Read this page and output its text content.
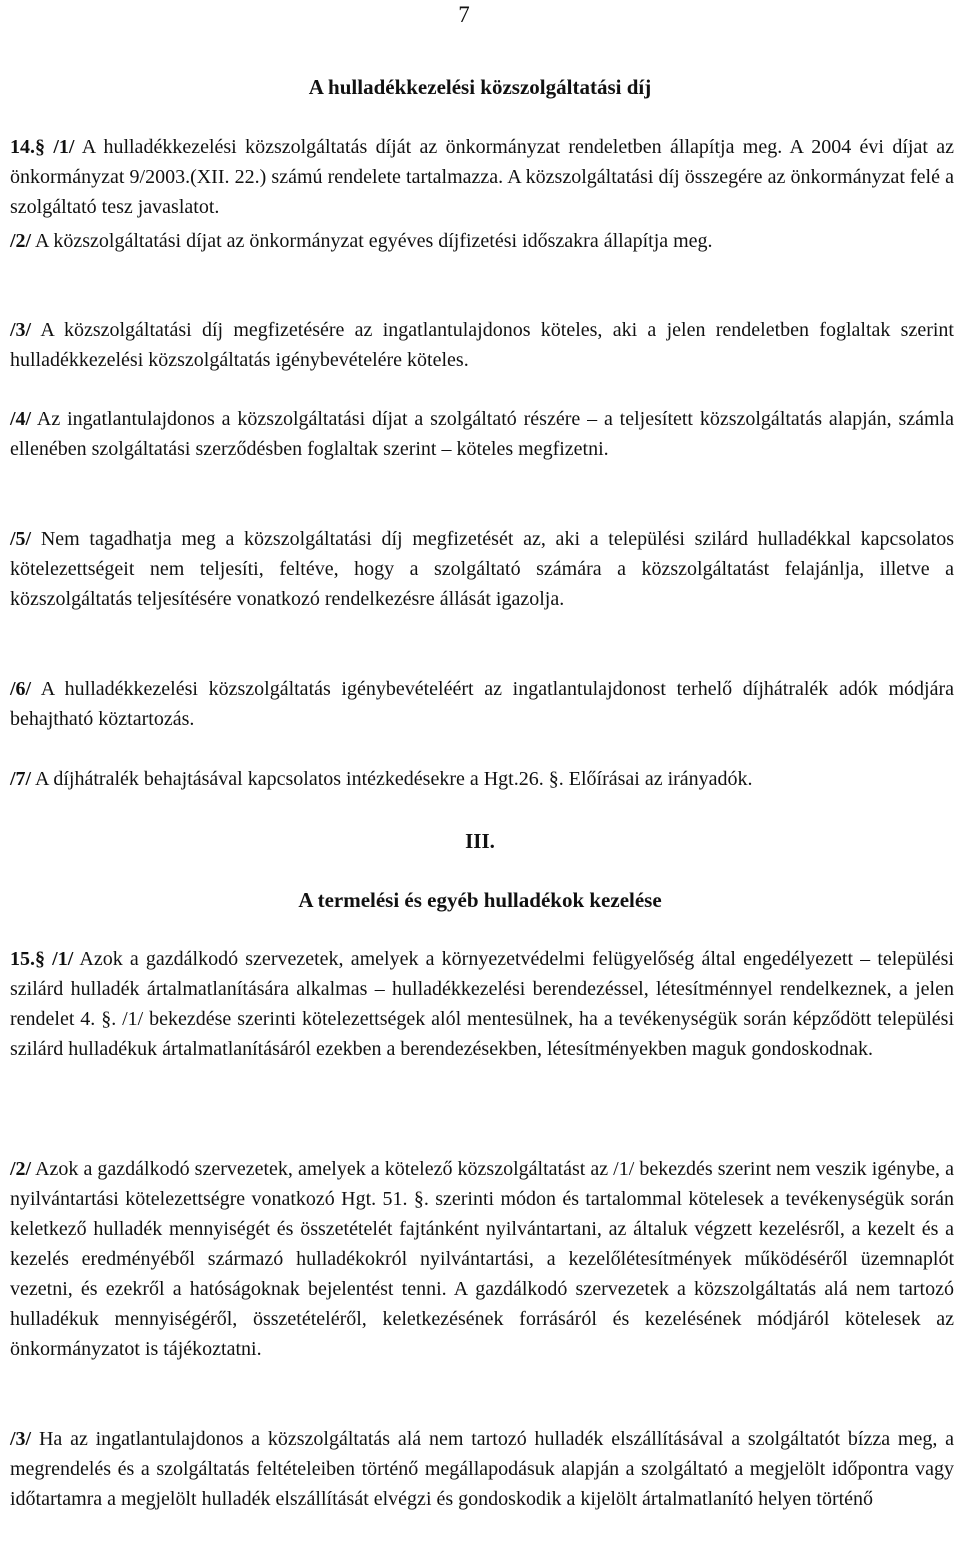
7
A hulladékkezelési közszolgáltatási díj

14.§ /1/ A hulladékkezelési közszolgáltatás díját az önkormányzat rendeletben állapítja meg. A 2004 évi díjat az önkormányzat 9/2003.(XII. 22.) számú rendelete tartalmazza. A közszolgáltatási díj összegére az önkormányzat felé a szolgáltató tesz javaslatot.

/2/ A közszolgáltatási díjat az önkormányzat egyéves díjfizetési időszakra állapítja meg.

/3/ A közszolgáltatási díj megfizetésére az ingatlantulajdonos köteles, aki a jelen rendeletben foglaltak szerint hulladékkezelési közszolgáltatás igénybevételére köteles.

/4/ Az ingatlantulajdonos a közszolgáltatási díjat a szolgáltató részére – a teljesített közszolgáltatás alapján, számla ellenében szolgáltatási szerződésben foglaltak szerint – köteles megfizetni.

/5/ Nem tagadhatja meg a közszolgáltatási díj megfizetését az, aki a települési szilárd hulladékkal kapcsolatos kötelezettségeit nem teljesíti, feltéve, hogy a szolgáltató számára a közszolgáltatást felajánlja, illetve a közszolgáltatás teljesítésére vonatkozó rendelkezésre állását igazolja.

/6/ A hulladékkezelési közszolgáltatás igénybevételéért az ingatlantulajdonost terhelő díjhátralék adók módjára behajtható köztartozás.

/7/ A díjhátralék behajtásával kapcsolatos intézkedésekre a Hgt.26. §. Előírásai az irányadók.

III.
A termelési és egyéb hulladékok kezelése

15.§ /1/ Azok a gazdálkodó szervezetek, amelyek a környezetvédelmi felügyelőség által engedélyezett – települési szilárd hulladék ártalmatlanítására alkalmas – hulladékkezelési berendezéssel, létesítménnyel rendelkeznek, a jelen rendelet 4. §. /1/ bekezdése szerinti kötelezettségek alól mentesülnek, ha a tevékenységük során képződött települési szilárd hulladékuk ártalmatlanításáról ezekben a berendezésekben, létesítményekben maguk gondoskodnak.

/2/ Azok a gazdálkodó szervezetek, amelyek a kötelező közszolgáltatást az /1/ bekezdés szerint nem veszik igénybe, a nyilvántartási kötelezettségre vonatkozó Hgt. 51. §. szerinti módon és tartalommal kötelesek a tevékenységük során keletkező hulladék mennyiségét és összetételét fajtánként nyilvántartani, az általuk végzett kezelésről, a kezelt és a kezelés eredményéből származó hulladékokról nyilvántartási, a kezelőlétesítmények működéséről üzemnaplót vezetni, és ezekről a hatóságoknak bejelentést tenni. A gazdálkodó szervezetek a közszolgáltatás alá nem tartozó hulladékuk mennyiségéről, összetételéről, keletkezésének forrásáról és kezelésének módjáról kötelesek az önkormányzatot is tájékoztatni.

/3/ Ha az ingatlantulajdonos a közszolgáltatás alá nem tartozó hulladék elszállításával a szolgáltatót bízza meg, a megrendelés és a szolgáltatás feltételeiben történő megállapodásuk alapján a szolgáltató a megjelölt időpontra vagy időtartamra a megjelölt hulladék elszállítását elvégzi és gondoskodik a kijelölt ártalmatlanító helyen történő
